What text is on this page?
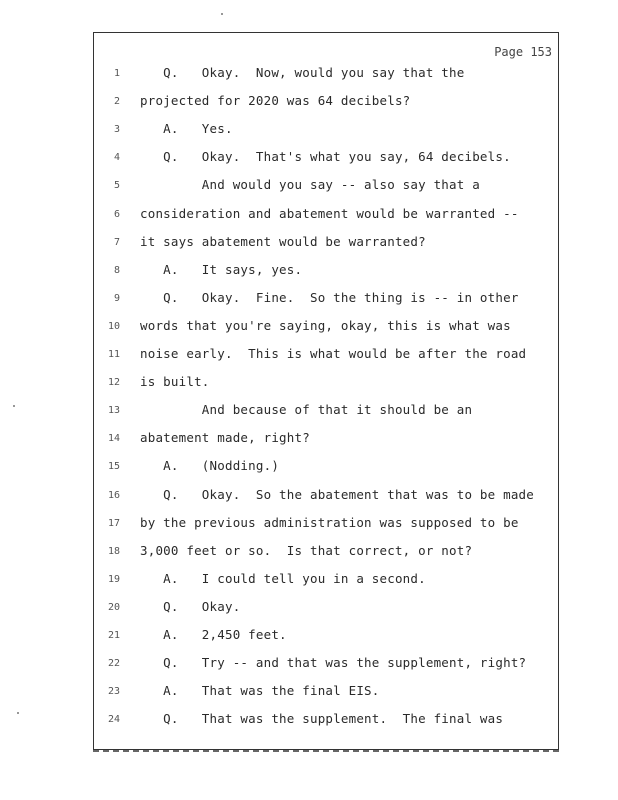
Page 153
1 Q.   Okay.  Now, would you say that the
2 projected for 2020 was 64 decibels?
3 A.   Yes.
4 Q.   Okay.  That's what you say, 64 decibels.
5 And would you say -- also say that a
6 consideration and abatement would be warranted --
7 it says abatement would be warranted?
8 A.   It says, yes.
9 Q.   Okay.  Fine.  So the thing is -- in other
10 words that you're saying, okay, this is what was
11 noise early.  This is what would be after the road
12 is built.
13 And because of that it should be an
14 abatement made, right?
15 A.   (Nodding.)
16 Q.   Okay.  So the abatement that was to be made
17 by the previous administration was supposed to be
18 3,000 feet or so.  Is that correct, or not?
19 A.   I could tell you in a second.
20 Q.   Okay.
21 A.   2,450 feet.
22 Q.   Try -- and that was the supplement, right?
23 A.   That was the final EIS.
24 Q.   That was the supplement.  The final was
